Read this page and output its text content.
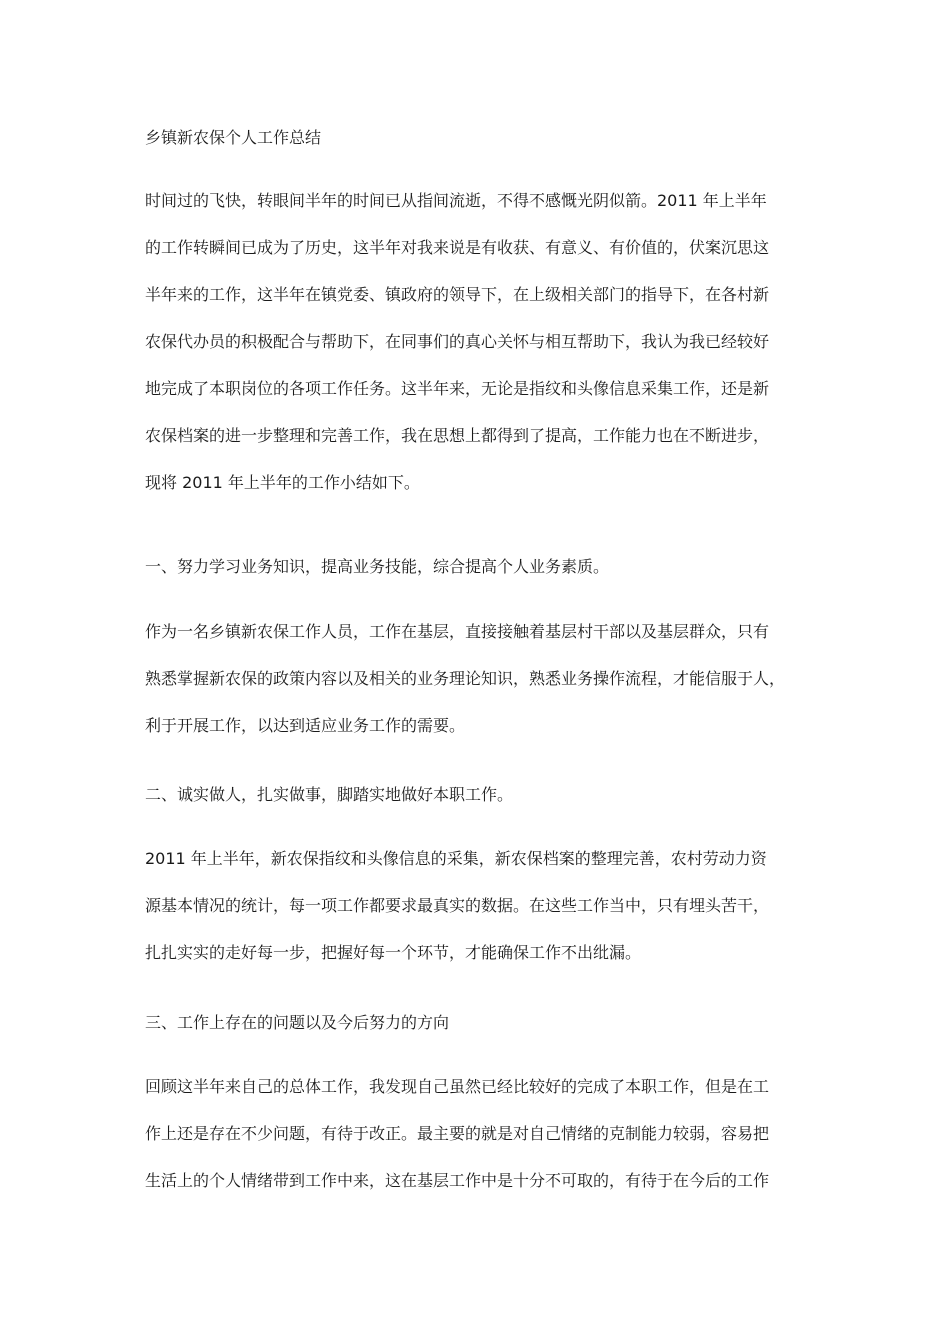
乡镇新农保个人工作总结
时间过的飞快，转眼间半年的时间已从指间流逝，不得不感慨光阴似箭。2011 年上半年
的工作转瞬间已成为了历史，这半年对我来说是有收获、有意义、有价值的，伏案沉思这
半年来的工作，这半年在镇党委、镇政府的领导下，在上级相关部门的指导下，在各村新
农保代办员的积极配合与帮助下，在同事们的真心关怀与相互帮助下，我认为我已经较好
地完成了本职岗位的各项工作任务。这半年来，无论是指纹和头像信息采集工作，还是新
农保档案的进一步整理和完善工作，我在思想上都得到了提高，工作能力也在不断进步，
现将 2011 年上半年的工作小结如下。
一、努力学习业务知识，提高业务技能，综合提高个人业务素质。
作为一名乡镇新农保工作人员，工作在基层，直接接触着基层村干部以及基层群众，只有
熟悉掌握新农保的政策内容以及相关的业务理论知识，熟悉业务操作流程，才能信服于人，
利于开展工作，以达到适应业务工作的需要。
二、诚实做人，扎实做事，脚踏实地做好本职工作。
2011 年上半年，新农保指纹和头像信息的采集，新农保档案的整理完善，农村劳动力资
源基本情况的统计，每一项工作都要求最真实的数据。在这些工作当中，只有埋头苦干，
扎扎实实的走好每一步，把握好每一个环节，才能确保工作不出纰漏。
三、工作上存在的问题以及今后努力的方向
回顾这半年来自己的总体工作，我发现自己虽然已经比较好的完成了本职工作，但是在工
作上还是存在不少问题，有待于改正。最主要的就是对自己情绪的克制能力较弱，容易把
生活上的个人情绪带到工作中来，这在基层工作中是十分不可取的，有待于在今后的工作
